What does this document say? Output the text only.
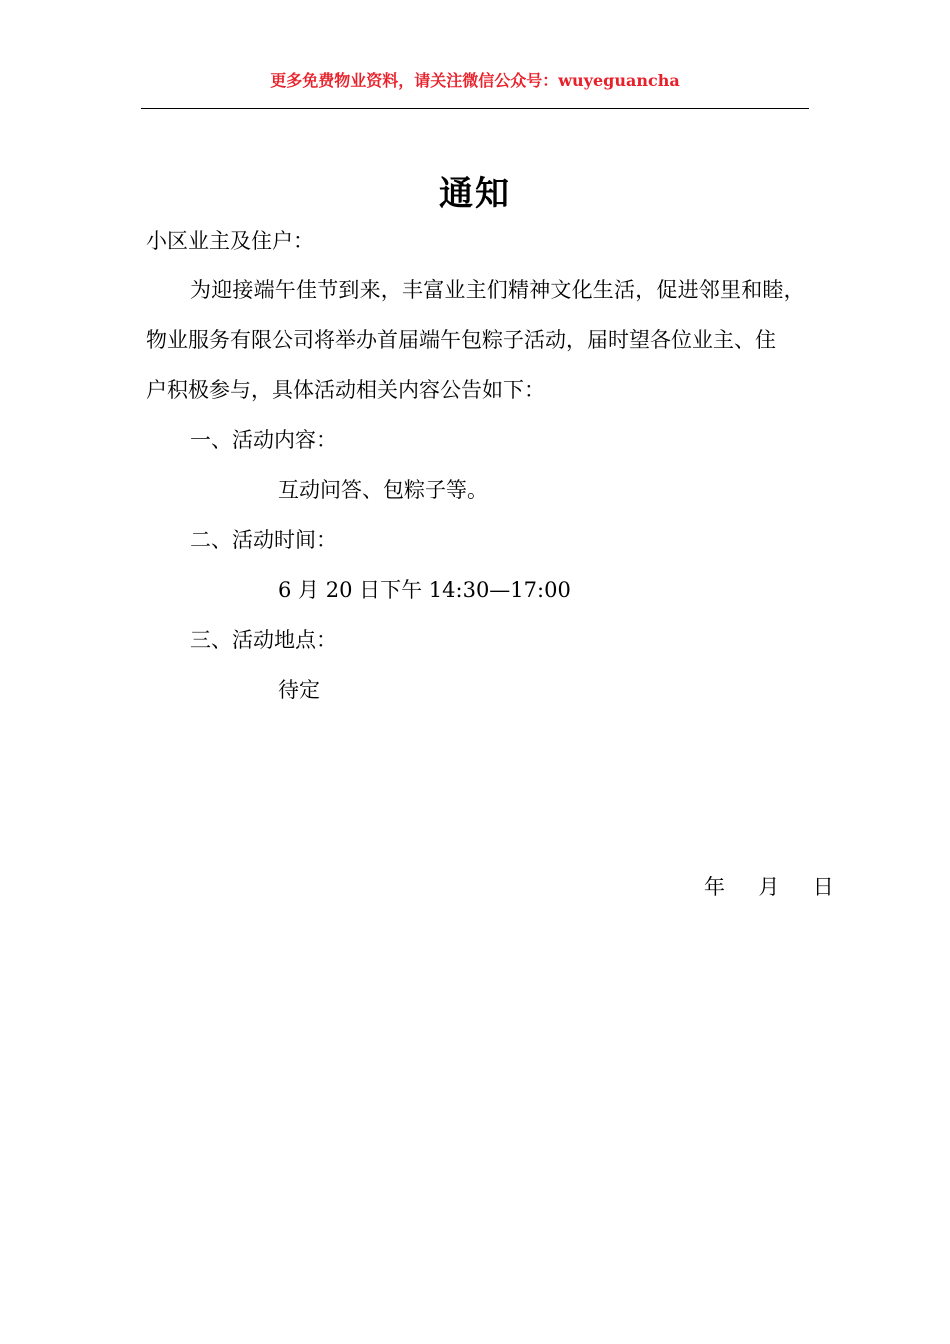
更多免费物业资料，请关注微信公众号：wuyeguancha
通知
小区业主及住户：
为迎接端午佳节到来，丰富业主们精神文化生活，促进邻里和睦，
物业服务有限公司将举办首届端午包粽子活动，届时望各位业主、住
户积极参与，具体活动相关内容公告如下：
一、活动内容：
互动问答、包粽子等。
二、活动时间：
6 月 20 日下午 14:30—17:00
三、活动地点：
待定
年  月  日
